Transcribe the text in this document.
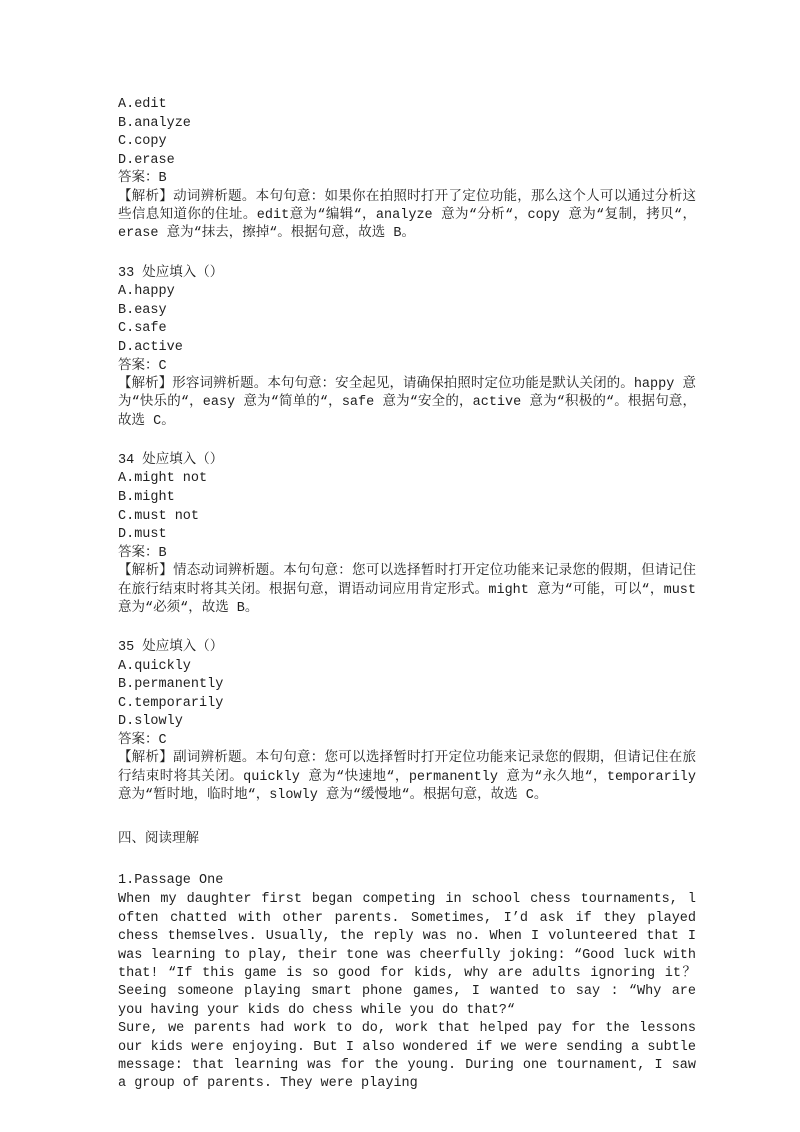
A.edit
B.analyze
C.copy
D.erase
答案：B

【解析】动词辨析题。本句句意：如果你在拍照时打开了定位功能，那么这个人可以通过分析这些信息知道你的住址。edit意为“编辑“，analyze 意为“分析“，copy 意为“复制，拷贝“，erase 意为“抹去，擦掉“。根据句意，故选 B。

33 处应填入（）
A.happy
B.easy
C.safe
D.active
答案：C

【解析】形容词辨析题。本句句意：安全起见，请确保拍照时定位功能是默认关闭的。happy 意为“快乐的“，easy 意为“简单的“，safe 意为“安全的，active 意为“积极的“。根据句意，故选 C。

34 处应填入（）
A.might not
B.might
C.must not
D.must
答案：B

【解析】情态动词辨析题。本句句意：您可以选择暂时打开定位功能来记录您的假期，但请记住在旅行结束时将其关闭。根据句意，谓语动词应用肯定形式。might 意为“可能，可以“，must 意为“必须“，故选 B。

35 处应填入（）
A.quickly
B.permanently
C.temporarily
D.slowly
答案：C

【解析】副词辨析题。本句句意：您可以选择暂时打开定位功能来记录您的假期，但请记住在旅行结束时将其关闭。quickly 意为“快速地“，permanently 意为“永久地“，temporarily 意为“暂时地，临时地“，slowly 意为“缓慢地“。根据句意，故选 C。

四、阅读理解
1.Passage One

When my daughter first began competing in school chess tournaments, l often chatted with other parents. Sometimes, I’d ask if they played chess themselves. Usually, the reply was no. When I volunteered that I was learning to play, their tone was cheerfully joking: “Good luck with that! “If this game is so good for kids, why are adults ignoring it？Seeing someone playing smart phone games, I wanted to say : “Why are you having your kids do chess while you do that?“

Sure, we parents had work to do, work that helped pay for the lessons our kids were enjoying. But I also wondered if we were sending a subtle message: that learning was for the young. During one tournament, I saw a group of parents. They were playing
